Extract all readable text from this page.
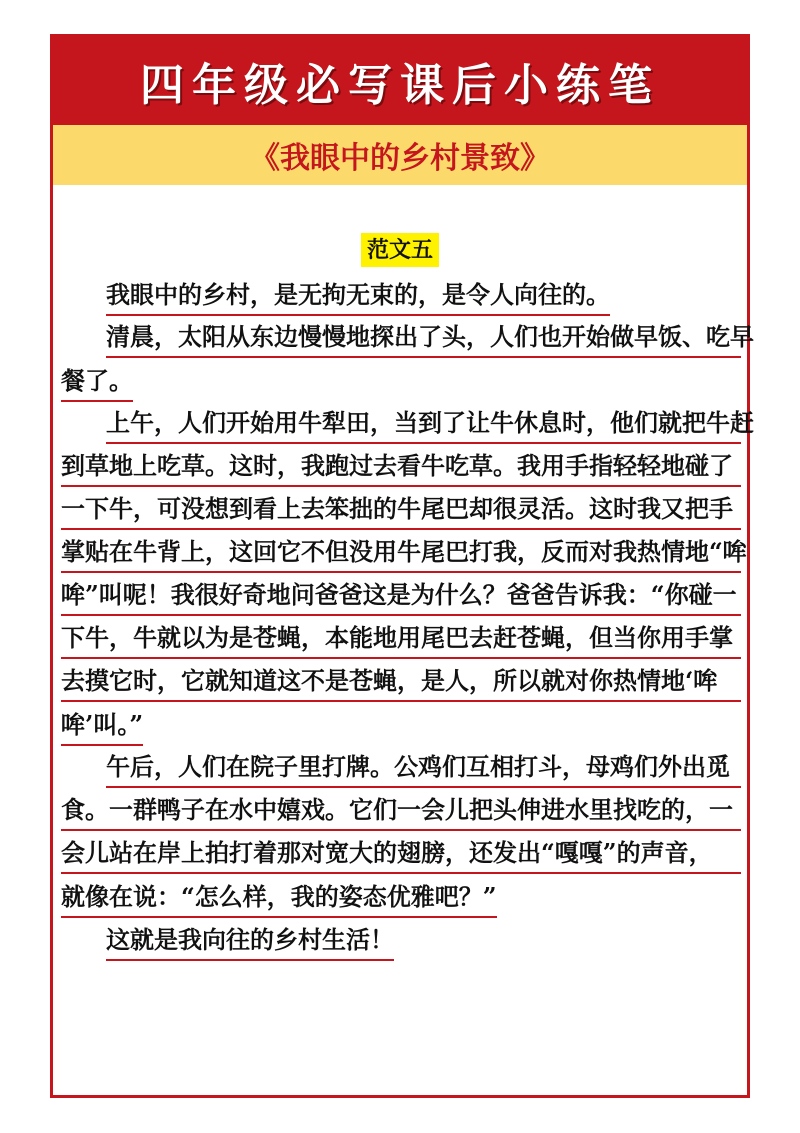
四年级必写课后小练笔
《我眼中的乡村景致》
范文五
我眼中的乡村，是无拘无束的，是令人向往的。
清晨，太阳从东边慢慢地探出了头，人们也开始做早饭、吃早
餐了。
上午，人们开始用牛犁田，当到了让牛休息时，他们就把牛赶
到草地上吃草。这时，我跑过去看牛吃草。我用手指轻轻地碰了
一下牛，可没想到看上去笨拙的牛尾巴却很灵活。这时我又把手
掌贴在牛背上，这回它不但没用牛尾巴打我，反而对我热情地“哞
哞”叫呢！我很好奇地问爸爸这是为什么？爸爸告诉我：“你碰一
下牛，牛就以为是苍蝇，本能地用尾巴去赶苍蝇，但当你用手掌
去摸它时，它就知道这不是苍蝇，是人，所以就对你热情地‘哞
哞’叫。”
午后，人们在院子里打牌。公鸡们互相打斗，母鸡们外出觅
食。一群鸭子在水中嬉戏。它们一会儿把头伸进水里找吃的，一
会儿站在岸上拍打着那对宽大的翅膀，还发出“嘎嘎”的声音，
就像在说：“怎么样，我的姿态优雅吧？”
这就是我向往的乡村生活！
